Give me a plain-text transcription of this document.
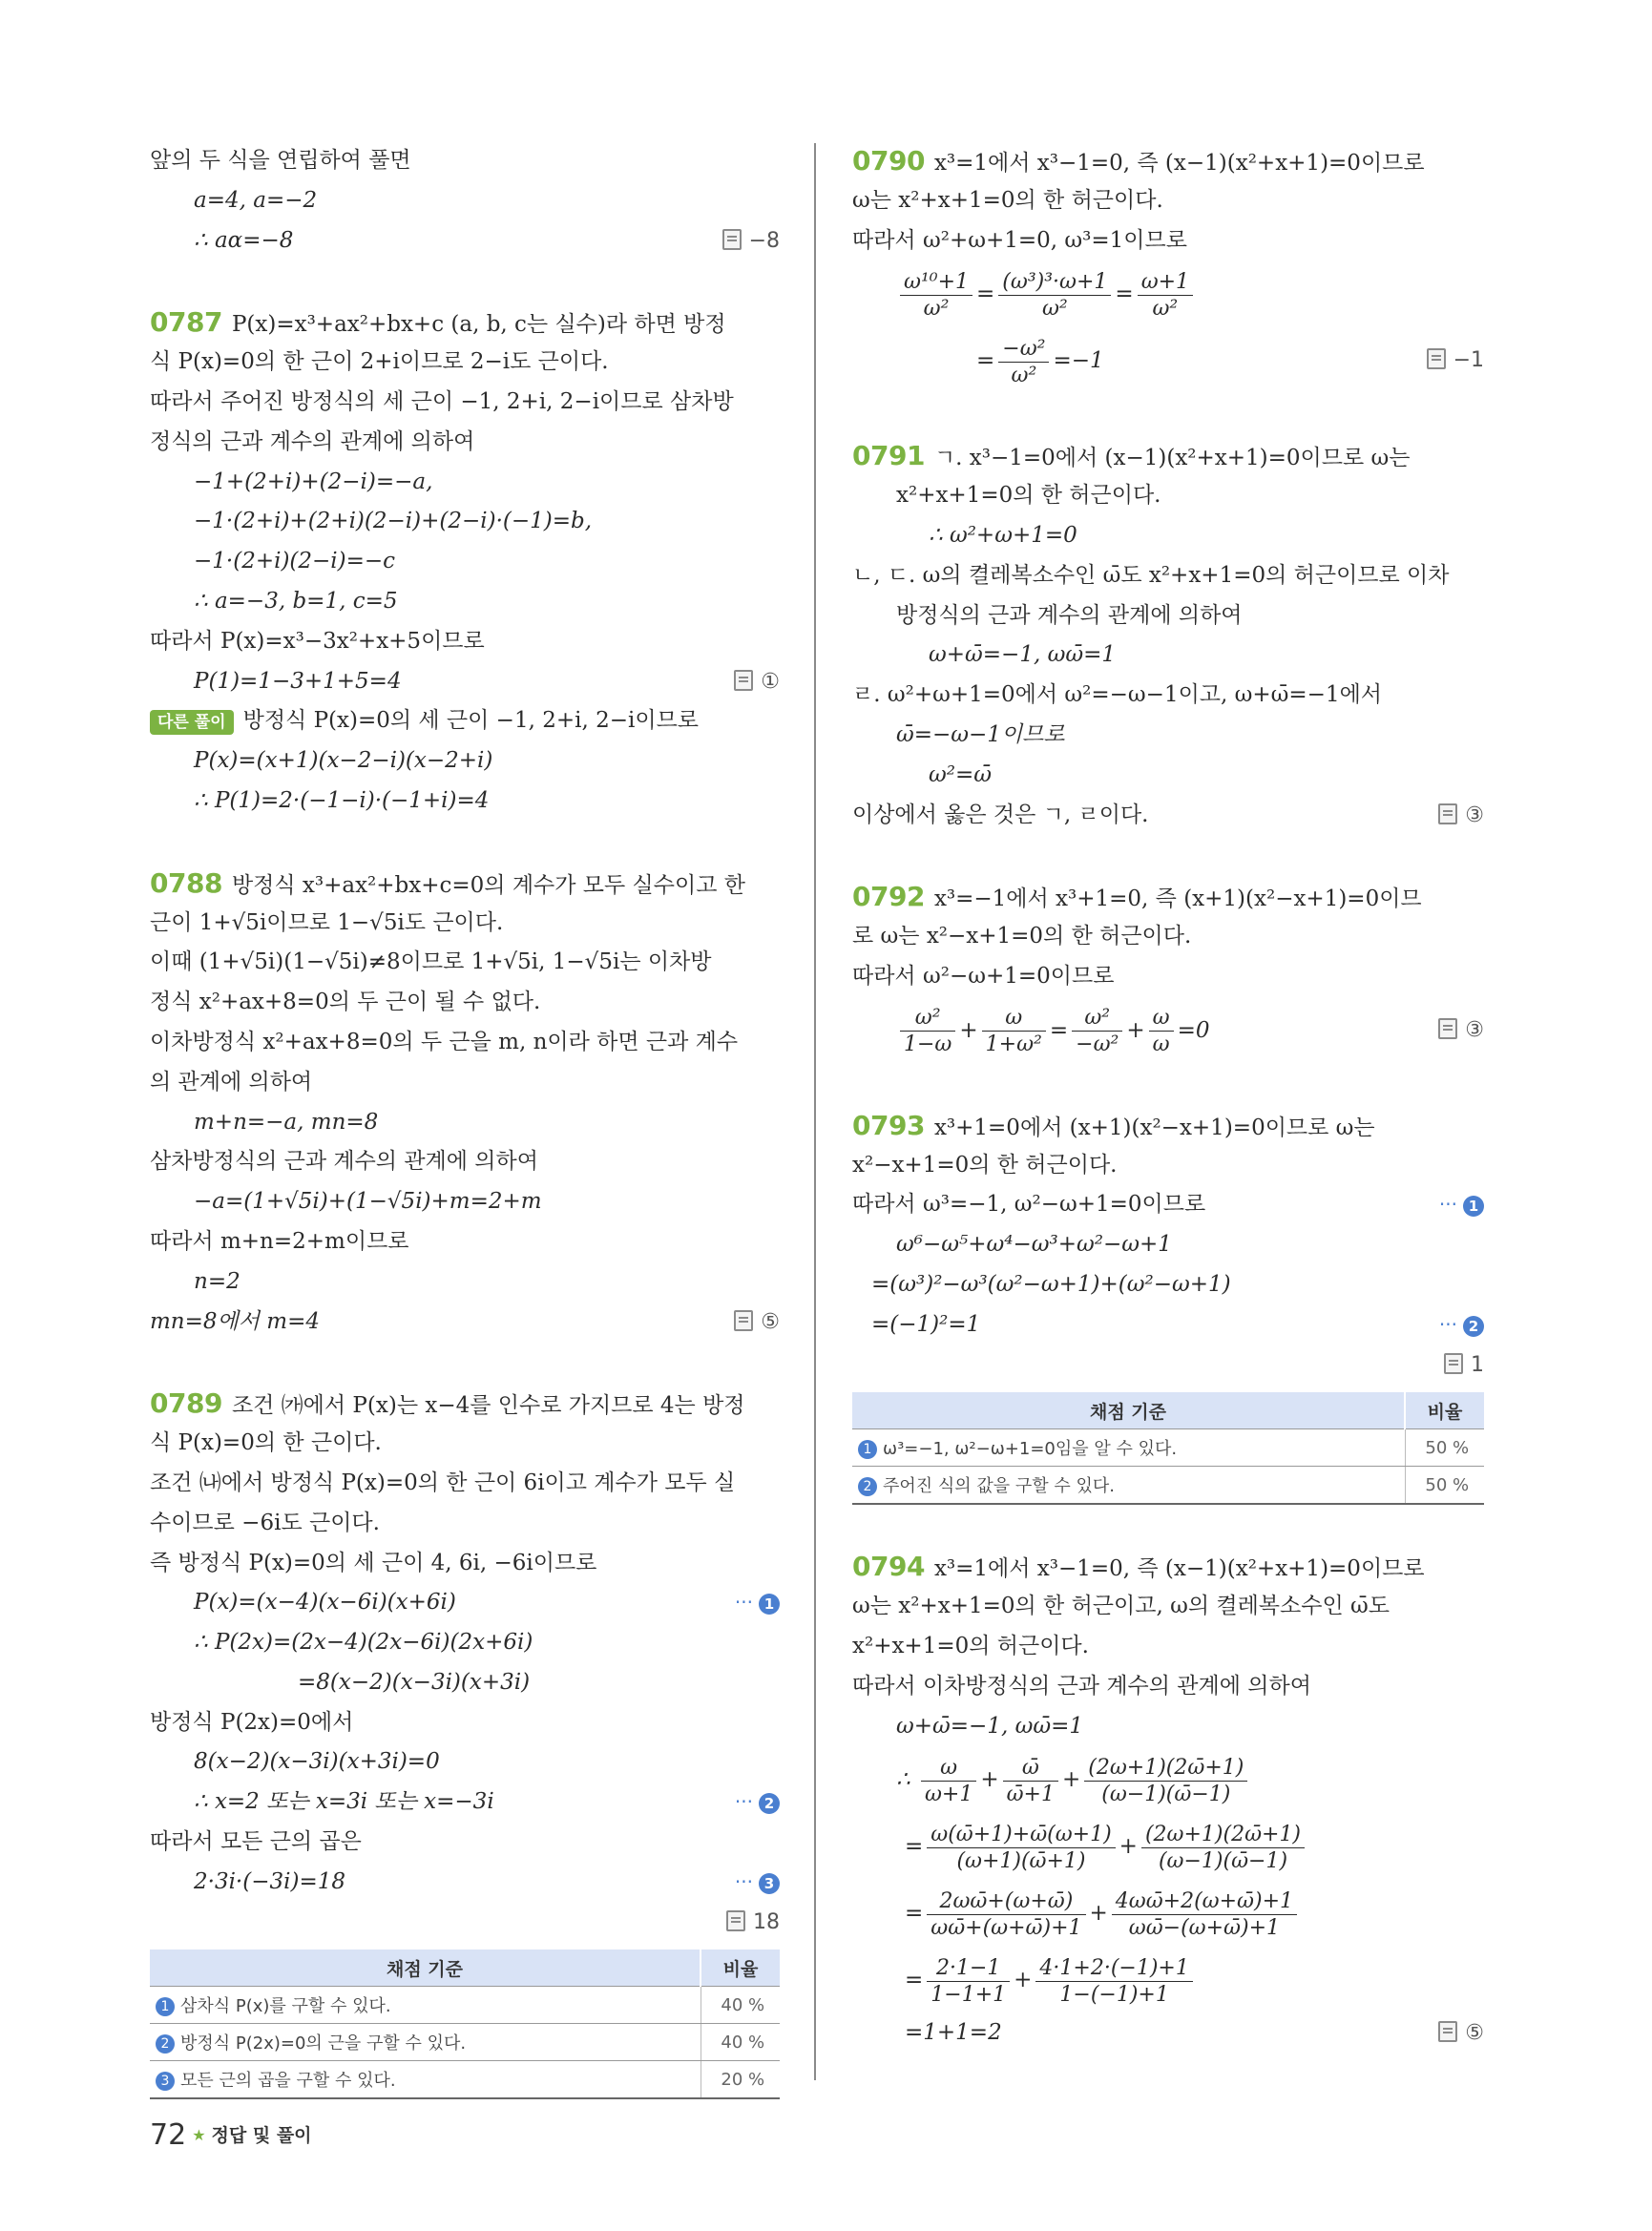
앞의 두 식을 연립하여 풀면
a=4, a=−2
∴ aα=−8	−8
0787 P(x)=x³+ax²+bx+c (a, b, c는 실수)라 하면 방정
식 P(x)=0의 한 근이 2+i이므로 2−i도 근이다.
따라서 주어진 방정식의 세 근이 −1, 2+i, 2−i이므로 삼차방
정식의 근과 계수의 관계에 의하여
−1+(2+i)+(2−i)=−a,
−1·(2+i)+(2+i)(2−i)+(2−i)·(−1)=b,
−1·(2+i)(2−i)=−c
∴ a=−3, b=1, c=5
따라서 P(x)=x³−3x²+x+5이므로
P(1)=1−3+1+5=4	①
다른 풀이 방정식 P(x)=0의 세 근이 −1, 2+i, 2−i이므로
P(x)=(x+1)(x−2−i)(x−2+i)
∴ P(1)=2·(−1−i)·(−1+i)=4
0788 방정식 x³+ax²+bx+c=0의 계수가 모두 실수이고 한
근이 1+√5i이므로 1−√5i도 근이다.
이때 (1+√5i)(1−√5i)≠8이므로 1+√5i, 1−√5i는 이차방
정식 x²+ax+8=0의 두 근이 될 수 없다.
이차방정식 x²+ax+8=0의 두 근을 m, n이라 하면 근과 계수
의 관계에 의하여
m+n=−a, mn=8
삼차방정식의 근과 계수의 관계에 의하여
−a=(1+√5i)+(1−√5i)+m=2+m
따라서 m+n=2+m이므로
n=2
mn=8에서 m=4	⑤
0789 조건 ㈎에서 P(x)는 x−4를 인수로 가지므로 4는 방정
식 P(x)=0의 한 근이다.
조건 ㈏에서 방정식 P(x)=0의 한 근이 6i이고 계수가 모두 실
수이므로 −6i도 근이다.
즉 방정식 P(x)=0의 세 근이 4, 6i, −6i이므로
P(x)=(x−4)(x−6i)(x+6i)	··· 1
∴ P(2x)=(2x−4)(2x−6i)(2x+6i)
=8(x−2)(x−3i)(x+3i)
방정식 P(2x)=0에서
8(x−2)(x−3i)(x+3i)=0
∴ x=2 또는 x=3i 또는 x=−3i	··· 2
따라서 모든 근의 곱은
2·3i·(−3i)=18	··· 3
18
채점 기준	비율
1 삼차식 P(x)를 구할 수 있다.	40 %
2 방정식 P(2x)=0의 근을 구할 수 있다.	40 %
3 모든 근의 곱을 구할 수 있다.	20 %
0790 x³=1에서 x³−1=0, 즉 (x−1)(x²+x+1)=0이므로
ω는 x²+x+1=0의 한 허근이다.
따라서 ω²+ω+1=0, ω³=1이므로
$\frac{\text{ω¹⁰+1}}{\text{ω²}} = \frac{\text{(ω³)³·ω+1}}{\text{ω²}} = \frac{\omega+1}{\text{ω²}}$
= $\frac{\text{−ω²}}{\text{ω²}} =-1$	−1
0791 ㄱ. x³−1=0에서 (x−1)(x²+x+1)=0이므로 ω는
x²+x+1=0의 한 허근이다.
∴ ω²+ω+1=0
ㄴ, ㄷ. ω의 켤레복소수인 ω̄도 x²+x+1=0의 허근이므로 이차
방정식의 근과 계수의 관계에 의하여
ω+ω̄=−1, ωω̄=1
ㄹ. ω²+ω+1=0에서 ω²=−ω−1이고, ω+ω̄=−1에서
ω̄=−ω−1이므로
ω²=ω̄
이상에서 옳은 것은 ㄱ, ㄹ이다.	③
0792 x³=−1에서 x³+1=0, 즉 (x+1)(x²−x+1)=0이므
로 ω는 x²−x+1=0의 한 허근이다.
따라서 ω²−ω+1=0이므로
$\frac{\text{ω²}}{1-\omega} + \frac{\omega}{\text{1+ω²}} = \frac{\text{ω²}}{\text{−ω²}} + \frac{\omega}{\omega} =0$	③
0793 x³+1=0에서 (x+1)(x²−x+1)=0이므로 ω는
x²−x+1=0의 한 허근이다.
따라서 ω³=−1, ω²−ω+1=0이므로	··· 1
ω⁶−ω⁵+ω⁴−ω³+ω²−ω+1
=(ω³)²−ω³(ω²−ω+1)+(ω²−ω+1)
=(−1)²=1	··· 2
1
채점 기준	비율
1 ω³=−1, ω²−ω+1=0임을 알 수 있다.	50 %
2 주어진 식의 값을 구할 수 있다.	50 %
0794 x³=1에서 x³−1=0, 즉 (x−1)(x²+x+1)=0이므로
ω는 x²+x+1=0의 한 허근이고, ω의 켤레복소수인 ω̄도
x²+x+1=0의 허근이다.
따라서 이차방정식의 근과 계수의 관계에 의하여
ω+ω̄=−1, ωω̄=1
∴ $\frac{\omega}{\omega+1} + \frac{\omegā}{\omegā+1} + \frac{(2\omega+1)(2\omegā+1)}{(\omega-1)(\omegā-1)}$
= $\frac{\omega(\omegā+1)+\omegā(\omega+1)}{(\omega+1)(\omegā+1)} + \frac{(2\omega+1)(2\omegā+1)}{(\omega-1)(\omegā-1)}$
= $\frac{2\omega\omegā+(\omega+\omegā)}{\omega\omegā+(\omega+\omegā)+1} + \frac{4\omega\omegā+2(\omega+\omegā)+1}{\omega\omegā-(\omega+\omegā)+1}$
= $\frac{2\cdot 1-1}{1-1+1} + \frac{4\cdot 1+2\cdot(-1)+1}{1-(-1)+1}$
=1+1=2	⑤
72 ★ 정답 및 풀이
